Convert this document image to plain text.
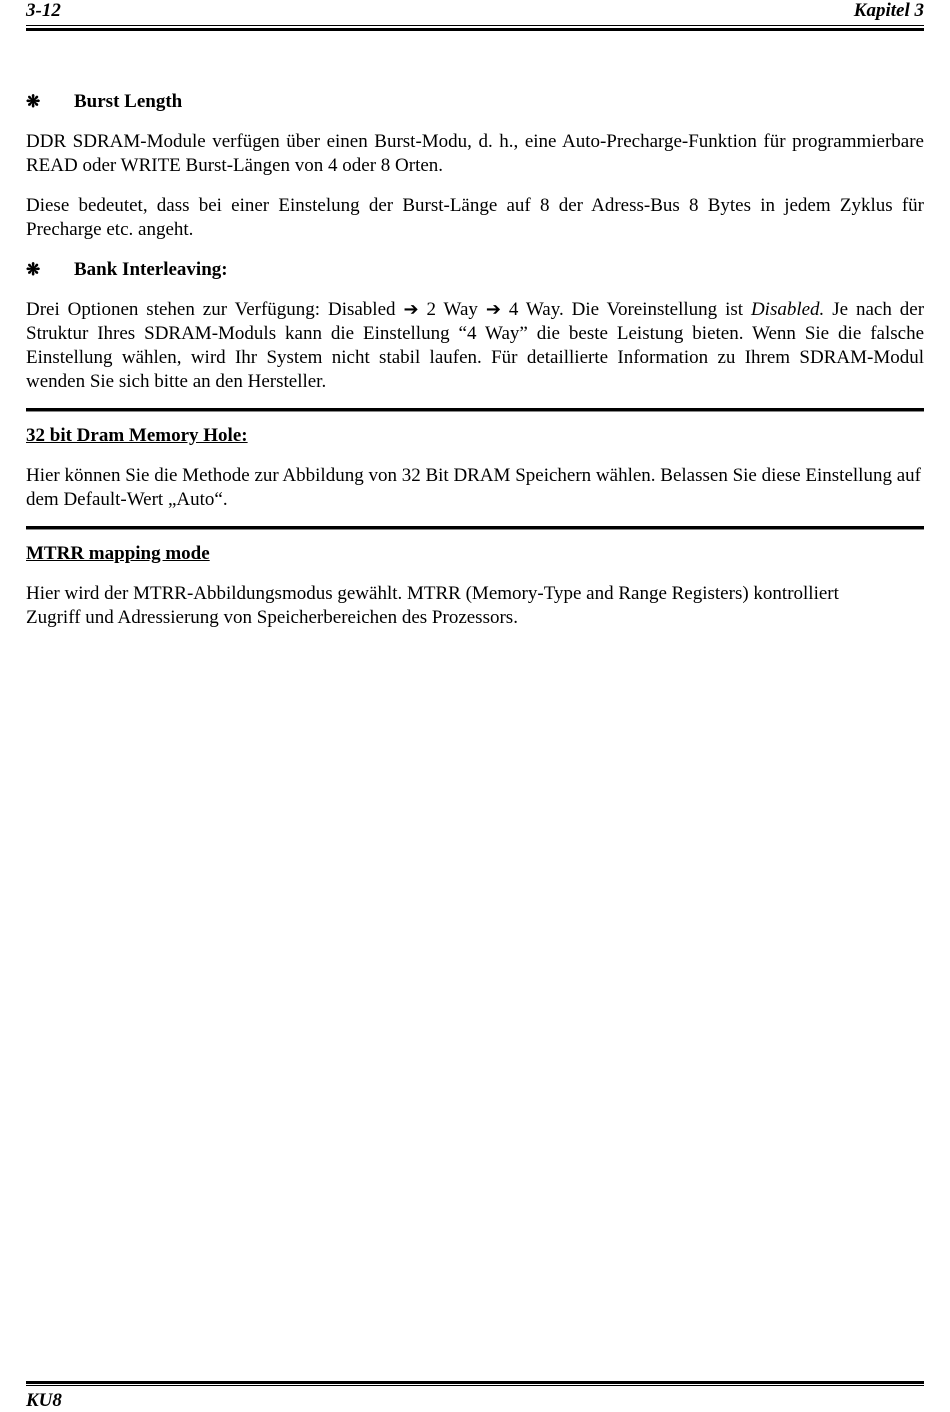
3-12	Kapitel 3
❋ Burst Length
DDR SDRAM-Module verfügen über einen Burst-Modu, d. h., eine Auto-Precharge-Funktion für programmierbare READ oder WRITE Burst-Längen von 4 oder 8 Orten.
Diese bedeutet, dass bei einer Einstelung der Burst-Länge auf 8 der Adress-Bus 8 Bytes in jedem Zyklus für Precharge etc. angeht.
❋ Bank Interleaving:
Drei Optionen stehen zur Verfügung: Disabled ➔ 2 Way ➔ 4 Way. Die Voreinstellung ist Disabled. Je nach der Struktur Ihres SDRAM-Moduls kann die Einstellung “4 Way” die beste Leistung bieten. Wenn Sie die falsche Einstellung wählen, wird Ihr System nicht stabil laufen. Für detaillierte Information zu Ihrem SDRAM-Modul wenden Sie sich bitte an den Hersteller.
32 bit Dram Memory Hole:
Hier können Sie die Methode zur Abbildung von 32 Bit DRAM Speichern wählen. Belassen Sie diese Einstellung auf dem Default-Wert „Auto“.
MTRR mapping mode
Hier wird der MTRR-Abbildungsmodus gewählt. MTRR (Memory-Type and Range Registers) kontrolliert Zugriff und Adressierung von Speicherbereichen des Prozessors.
KU8
